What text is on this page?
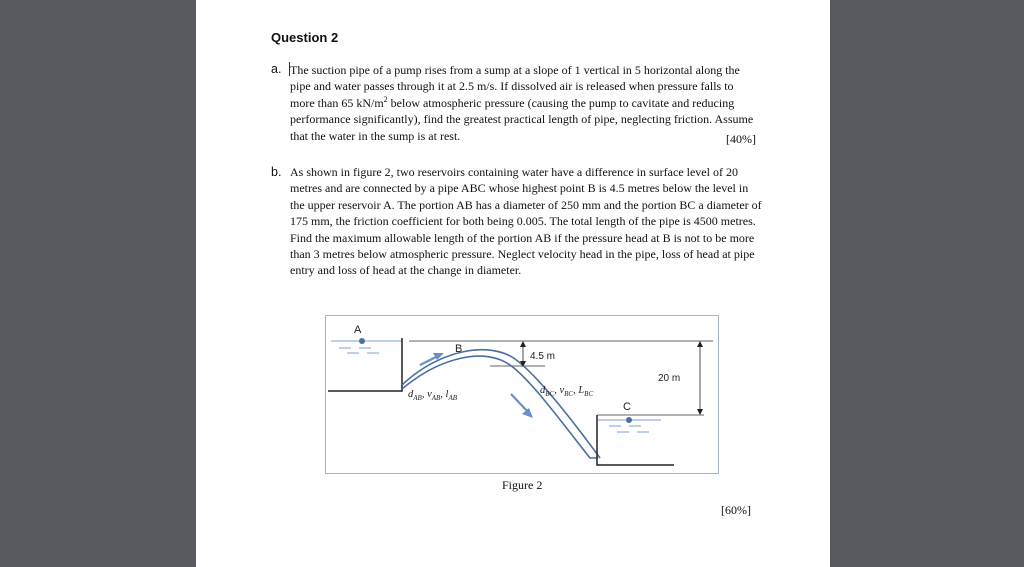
Question 2
a. The suction pipe of a pump rises from a sump at a slope of 1 vertical in 5 horizontal along the pipe and water passes through it at 2.5 m/s. If dissolved air is released when pressure falls to more than 65 $kN/m^2$ below atmospheric pressure (causing the pump to cavitate and reducing performance significantly), find the greatest practical length of pipe, neglecting friction. Assume that the water in the sump is at rest.	[40%]
b. As shown in figure 2, two reservoirs containing water have a difference in surface level of 20 metres and are connected by a pipe ABC whose highest point B is 4.5 metres below the level in the upper reservoir A. The portion AB has a diameter of 250 mm and the portion BC a diameter of 175 mm, the friction coefficient for both being 0.005. The total length of the pipe is 4500 metres. Find the maximum allowable length of the portion AB if the pressure head at B is not to be more than 3 metres below atmospheric pressure. Neglect velocity head in the pipe, loss of head at pipe entry and loss of head at the change in diameter.

A
B
C
4.5 m
20 m
$d_{AB}$, $v_{AB}$, $l_{AB}$
$d_{BC}$, $v_{BC}$, $L_{BC}$
Figure 2
[60%]
